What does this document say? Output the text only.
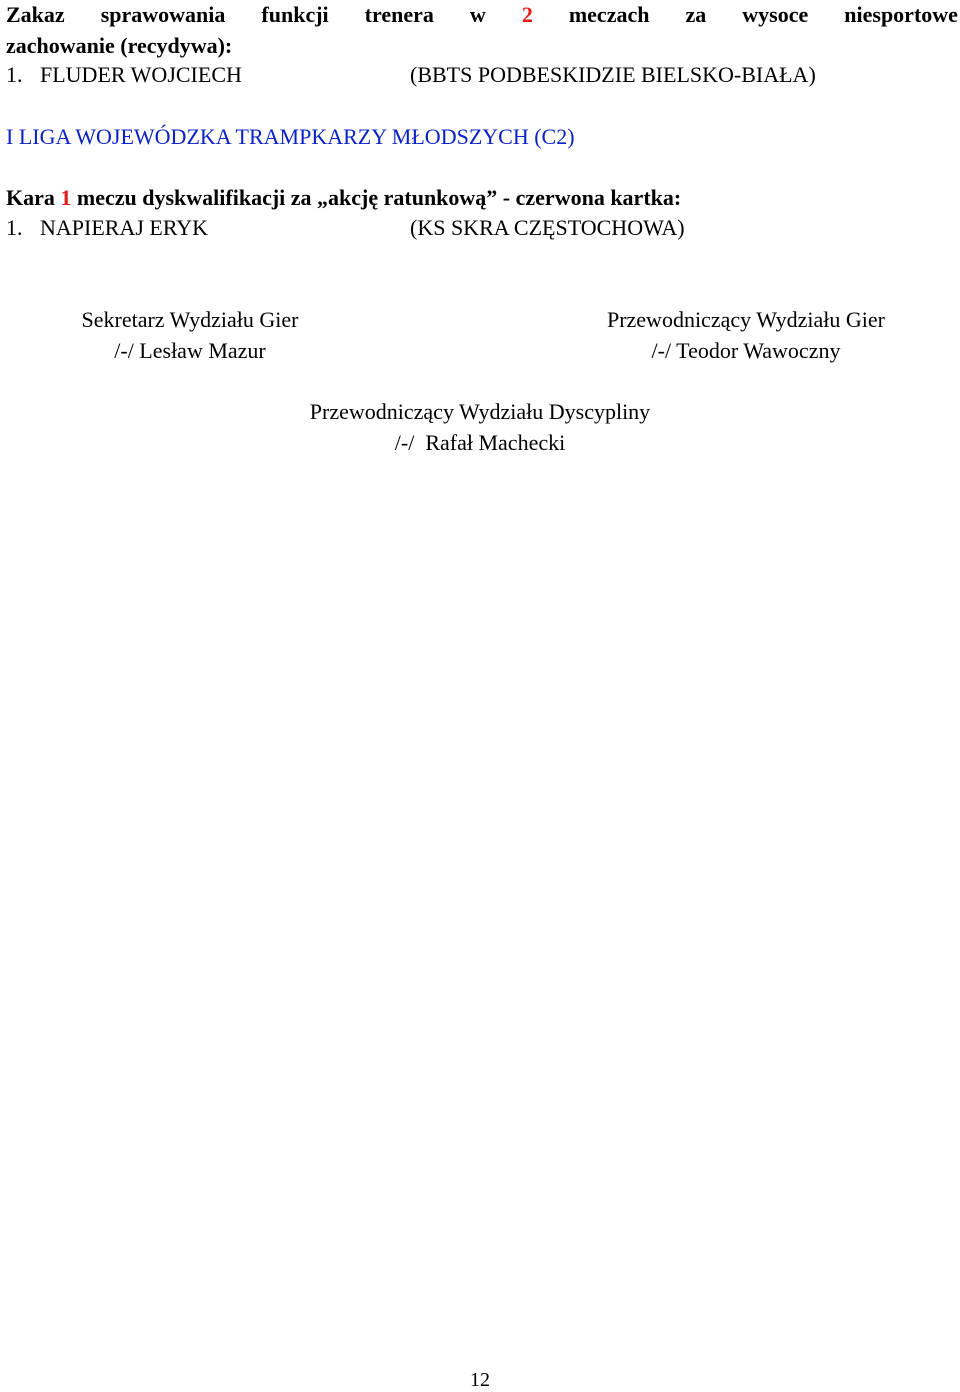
Zakaz sprawowania funkcji trenera w 2 meczach za wysoce niesportowe
zachowanie (recydywa):
1. FLUDER WOJCIECH	(BBTS PODBESKIDZIE BIELSKO-BIAŁA)
I LIGA WOJEWÓDZKA TRAMPKARZY MŁODSZYCH (C2)
Kara 1 meczu dyskwalifikacji za „akcję ratunkową” - czerwona kartka:
1. NAPIERAJ ERYK	(KS SKRA CZĘSTOCHOWA)
Sekretarz Wydziału Gier
/-/ Lesław Mazur
Przewodniczący Wydziału Gier
/-/ Teodor Wawoczny
Przewodniczący Wydziału Dyscypliny
/-/  Rafał Machecki
12
